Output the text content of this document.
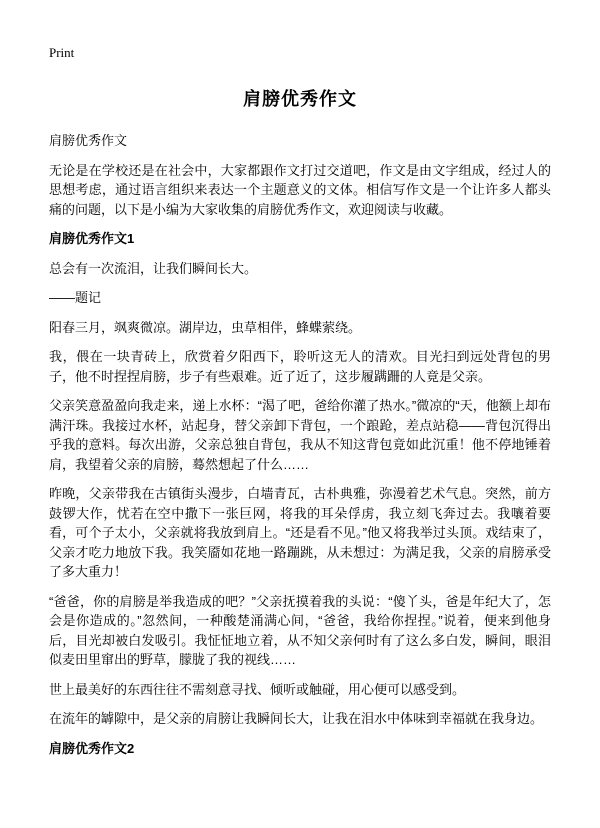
Print
肩膀优秀作文

肩膀优秀作文

无论是在学校还是在社会中，大家都跟作文打过交道吧，作文是由文字组成，经过人的思想考虑，通过语言组织来表达一个主题意义的文体。相信写作文是一个让许多人都头痛的问题，以下是小编为大家收集的肩膀优秀作文，欢迎阅读与收藏。

肩膀优秀作文1

总会有一次流泪，让我们瞬间长大。

——题记

阳春三月，飒爽微凉。湖岸边，虫草相伴，蜂蝶萦绕。

我，偎在一块青砖上，欣赏着夕阳西下，聆听这无人的清欢。目光扫到远处背包的男子，他不时捏捏肩膀，步子有些艰难。近了近了，这步履蹒跚的人竟是父亲。

父亲笑意盈盈向我走来，递上水杯：“渴了吧，爸给你灌了热水。”微凉的“天，他额上却布满汗珠。我接过水杯，站起身，替父亲卸下背包，一个踉跄，差点站稳——背包沉得出乎我的意料。每次出游，父亲总独自背包，我从不知这背包竟如此沉重！他不停地锤着肩，我望着父亲的肩膀，蓦然想起了什么……

昨晚，父亲带我在古镇街头漫步，白墙青瓦，古朴典雅，弥漫着艺术气息。突然，前方鼓锣大作，忧若在空中撒下一张巨网，将我的耳朵俘虏，我立刻飞奔过去。我嚷着要看，可个子太小，父亲就将我放到肩上。“还是看不见。”他又将我举过头顶。戏结束了，父亲才吃力地放下我。我笑靥如花地一路蹦跳，从未想过：为满足我，父亲的肩膀承受了多大重力！

“爸爸，你的肩膀是举我造成的吧？”父亲抚摸着我的头说：“傻丫头，爸是年纪大了，怎会是你造成的。”忽然间，一种酸楚涌满心间，“爸爸，我给你捏捏。”说着，便来到他身后，目光却被白发吸引。我怔怔地立着，从不知父亲何时有了这么多白发，瞬间，眼泪似麦田里窜出的野草，朦胧了我的视线……

世上最美好的东西往往不需刻意寻找、倾听或触碰，用心便可以感受到。

在流年的罅隙中，是父亲的肩膀让我瞬间长大，让我在泪水中体味到幸福就在我身边。

肩膀优秀作文2
